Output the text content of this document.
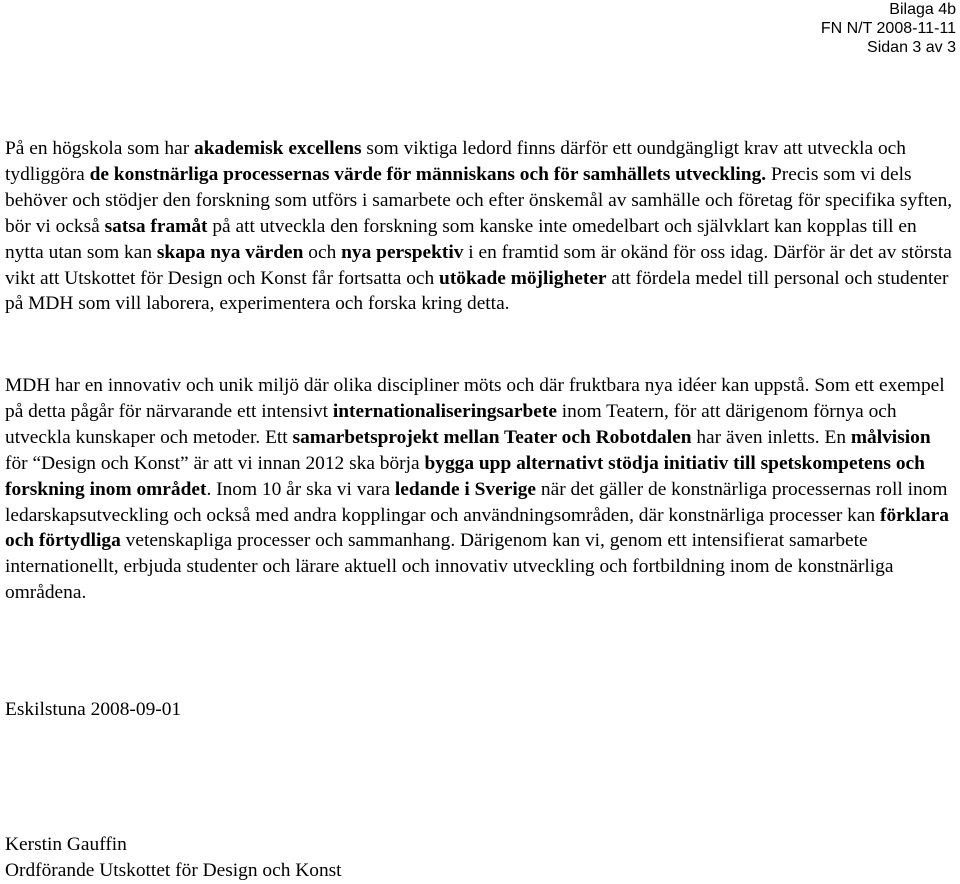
Bilaga 4b
FN N/T 2008-11-11
Sidan 3 av 3

På en högskola som har akademisk excellens som viktiga ledord finns därför ett oundgängligt krav att utveckla och tydliggöra de konstnärliga processernas värde för människans och för samhällets utveckling. Precis som vi dels behöver och stödjer den forskning som utförs i samarbete och efter önskemål av samhälle och företag för specifika syften, bör vi också satsa framåt på att utveckla den forskning som kanske inte omedelbart och självklart kan kopplas till en nytta utan som kan skapa nya värden och nya perspektiv i en framtid som är okänd för oss idag. Därför är det av största vikt att Utskottet för Design och Konst får fortsatta och utökade möjligheter att fördela medel till personal och studenter på MDH som vill laborera, experimentera och forska kring detta.

MDH har en innovativ och unik miljö där olika discipliner möts och där fruktbara nya idéer kan uppstå. Som ett exempel på detta pågår för närvarande ett intensivt internationaliseringsarbete inom Teatern, för att därigenom förnya och utveckla kunskaper och metoder. Ett samarbetsprojekt mellan Teater och Robotdalen har även inletts. En målvision för “Design och Konst” är att vi innan 2012 ska börja bygga upp alternativt stödja initiativ till spetskompetens och forskning inom området. Inom 10 år ska vi vara ledande i Sverige när det gäller de konstnärliga processernas roll inom ledarskapsutveckling och också med andra kopplingar och användningsområden, där konstnärliga processer kan förklara och förtydliga vetenskapliga processer och sammanhang. Därigenom kan vi, genom ett intensifierat samarbete internationellt, erbjuda studenter och lärare aktuell och innovativ utveckling och fortbildning inom de konstnärliga områdena.

Eskilstuna 2008-09-01
Kerstin Gauffin
Ordförande Utskottet för Design och Konst
